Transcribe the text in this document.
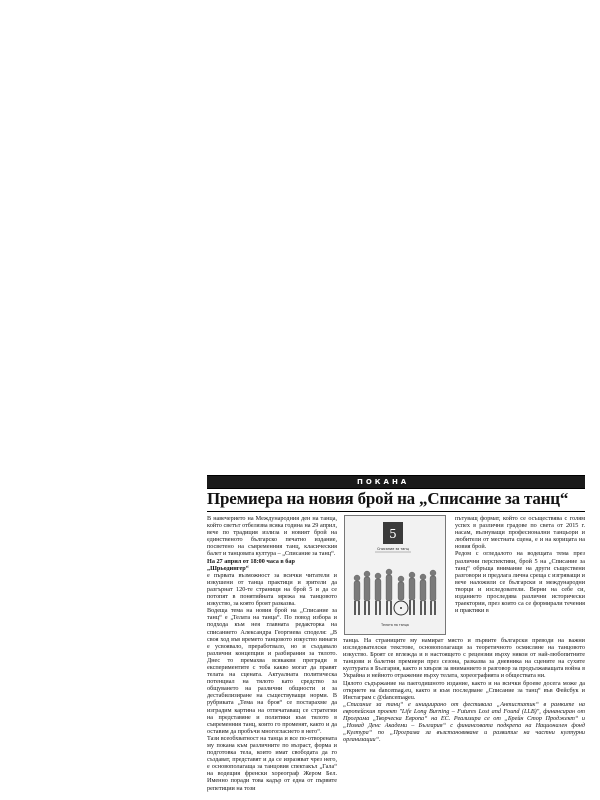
ПОКАНА
Премиера на новия брой на „Списание за танц“

В навечерието на Международния ден на танца, който светът отбелязва всяка година на 29 април, вече по традиция излиза и новият брой на единственото българско печатно издание, посветено на съвременния танц, класическия балет и танцовата култура – „Списание за танц“.

На 27 април от 18:00 часа в бар

„Шрьодингер“

е първата възможност за всички читатели и изкушени от танца практици и зрители да разгърнат 120-те страници на брой 5 и да се потопят в понятийната мрежа на танцовото изкуство, за която броят разказва.

Водеща тема на новия брой на „Списание за танц“ е „Телата на танца“. По повод избора и подхода към нея главната редакторка на списанието Александра Георгиева споделя: „В своя ход във времето танцовото изкуство винаги е усвоявало, преработвало, но и създавало различни концепции и разбирания за тялото. Днес то премахва всякакви прегради в експериментите с тоба какво могат да правят телата на сцената. Актуалната политическа потенциал на тялото като средство за общуването на различни общности и за дестабилизиране на съществуващи норми. В рубриката „Тема на броя“ се постарахме да изградим картина на отпечатаващ се стратегии на представяне и политики към тялото в съвременния танц, които го променят, както и да оставим да пробъчи многогласието в него“.

Тази всеобхватност на танца и все по-отворената му покана към различните по възраст, форма и подготовка тела, които имат свободата да го създават, представят и да се изразяват чрез него, е основополагаща за танцовия спектакъл „Гала“ на водещия френски хореограф Жером Бел. Именно поради това кадър от една от първите репетиции на този

5
Списание за танц
Телата на танца

пътуващ формат, който се осъществява с голям успех в различни градове по света от 2015 г. насам, вълнуващи професионални танцьори и любители от местната сцена, е и на корицата на новия брой.

Редом с огледалото на водещата тема през различни перспективи, брой 5 на „Списание за танц“ обръща внимание на други съществени разговори и предлага лична среща с изгряващи и вече наложили се български и международни творци и изследователи. Верни на себе си, изданието проследява различни исторически траектории, през които са се формирали течения и практики в

танца. На страниците му намирaт място и първите български преводи на важни изследователски текстове, основополагащи за теоретичното осмисляне на танцовото изкуство. Броят се вглежда и в настоящето с рецензии върху някои от най-любопитните танцови и балетни премиери през сезона, разказва за дневника на сцените на сухите културата в България, както и хвърля за вниманието в разговор за продължаващата война в Украйна и нейното отражение върху телата, хореографията и обществата ни.

Цялото съдържание на паегодишното издание, както и на всички броеве досега може да откриете на dancemag.eu, както и към последване „Списание за танц“ във Фейсбук и Инстаграм с @dancemageu.

„Списание за танц“ е инициирано от фестивала „Антистатик“ в рамките на европейския проект "Life Long Burning – Futures Lost and Found (LLB)", финансиран от Програма „Творческа Европа“ на ЕС. Реализира се от „Брейн Стор Проджект“ и „Номад Денс Академи – България“ с финансовата подкрепа на Национален фонд „Култура“ по „Програма за възстановяване и развитие на частни културни организации“.
